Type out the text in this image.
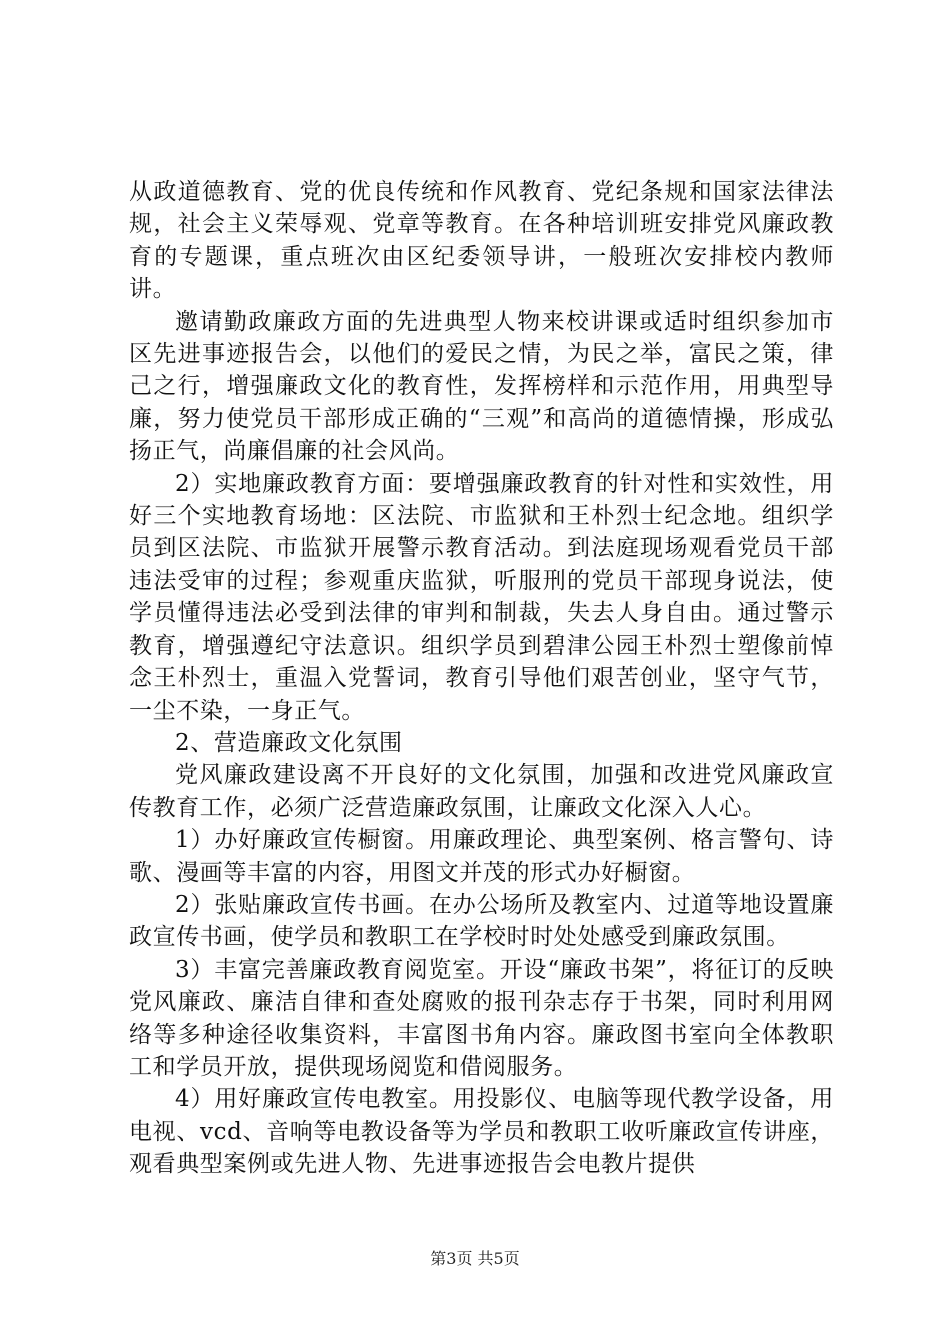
从政道德教育、党的优良传统和作风教育、党纪条规和国家法律法规，社会主义荣辱观、党章等教育。在各种培训班安排党风廉政教育的专题课，重点班次由区纪委领导讲，一般班次安排校内教师讲。

邀请勤政廉政方面的先进典型人物来校讲课或适时组织参加市区先进事迹报告会，以他们的爱民之情，为民之举，富民之策，律己之行，增强廉政文化的教育性，发挥榜样和示范作用，用典型导廉，努力使党员干部形成正确的“三观”和高尚的道德情操，形成弘扬正气，尚廉倡廉的社会风尚。

2）实地廉政教育方面：要增强廉政教育的针对性和实效性，用好三个实地教育场地：区法院、市监狱和王朴烈士纪念地。组织学员到区法院、市监狱开展警示教育活动。到法庭现场观看党员干部违法受审的过程；参观重庆监狱，听服刑的党员干部现身说法，使学员懂得违法必受到法律的审判和制裁，失去人身自由。通过警示教育，增强遵纪守法意识。组织学员到碧津公园王朴烈士塑像前悼念王朴烈士，重温入党誓词，教育引导他们艰苦创业，坚守气节，一尘不染，一身正气。

2、营造廉政文化氛围

党风廉政建设离不开良好的文化氛围，加强和改进党风廉政宣传教育工作，必须广泛营造廉政氛围，让廉政文化深入人心。

1）办好廉政宣传橱窗。用廉政理论、典型案例、格言警句、诗歌、漫画等丰富的内容，用图文并茂的形式办好橱窗。

2）张贴廉政宣传书画。在办公场所及教室内、过道等地设置廉政宣传书画，使学员和教职工在学校时时处处感受到廉政氛围。

3）丰富完善廉政教育阅览室。开设“廉政书架”，将征订的反映党风廉政、廉洁自律和查处腐败的报刊杂志存于书架，同时利用网络等多种途径收集资料，丰富图书角内容。廉政图书室向全体教职工和学员开放，提供现场阅览和借阅服务。

4）用好廉政宣传电教室。用投影仪、电脑等现代教学设备，用电视、vcd、音响等电教设备等为学员和教职工收听廉政宣传讲座，观看典型案例或先进人物、先进事迹报告会电教片提供

第3页 共5页
